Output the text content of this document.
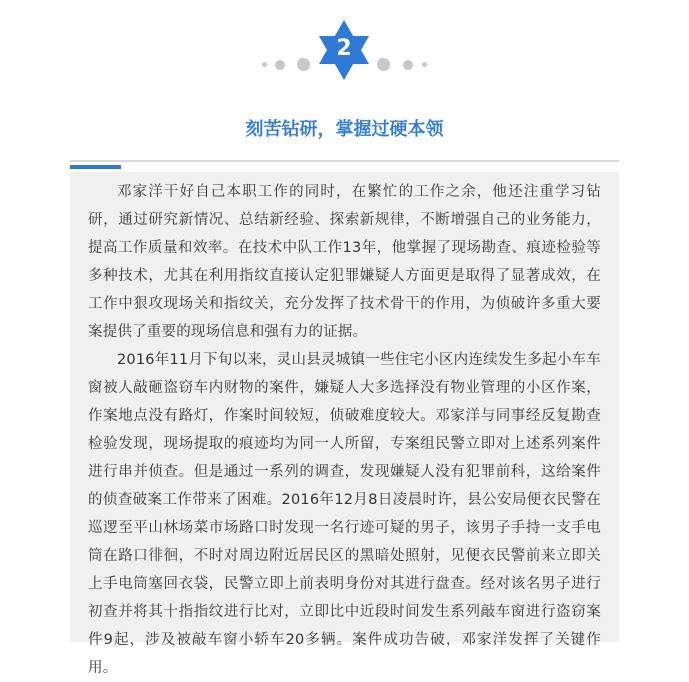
2
刻苦钻研，掌握过硬本领

邓家洋干好自己本职工作的同时，在繁忙的工作之余，他还注重学习钻研，通过研究新情况、总结新经验、探索新规律，不断增强自己的业务能力，提高工作质量和效率。在技术中队工作13年，他掌握了现场勘查、痕迹检验等多种技术，尤其在利用指纹直接认定犯罪嫌疑人方面更是取得了显著成效，在工作中狠攻现场关和指纹关，充分发挥了技术骨干的作用，为侦破许多重大要案提供了重要的现场信息和强有力的证据。

2016年11月下旬以来，灵山县灵城镇一些住宅小区内连续发生多起小车车窗被人敲砸盗窃车内财物的案件，嫌疑人大多选择没有物业管理的小区作案，作案地点没有路灯，作案时间较短，侦破难度较大。邓家洋与同事经反复勘查检验发现，现场提取的痕迹均为同一人所留，专案组民警立即对上述系列案件进行串并侦查。但是通过一系列的调查，发现嫌疑人没有犯罪前科，这给案件的侦查破案工作带来了困难。2016年12月8日凌晨时许，县公安局便衣民警在巡逻至平山林场菜市场路口时发现一名行迹可疑的男子，该男子手持一支手电筒在路口徘徊，不时对周边附近居民区的黑暗处照射，见便衣民警前来立即关上手电筒塞回衣袋，民警立即上前表明身份对其进行盘查。经对该名男子进行初查并将其十指指纹进行比对，立即比中近段时间发生系列敲车窗进行盗窃案件9起，涉及被敲车窗小轿车20多辆。案件成功告破，邓家洋发挥了关键作用。
